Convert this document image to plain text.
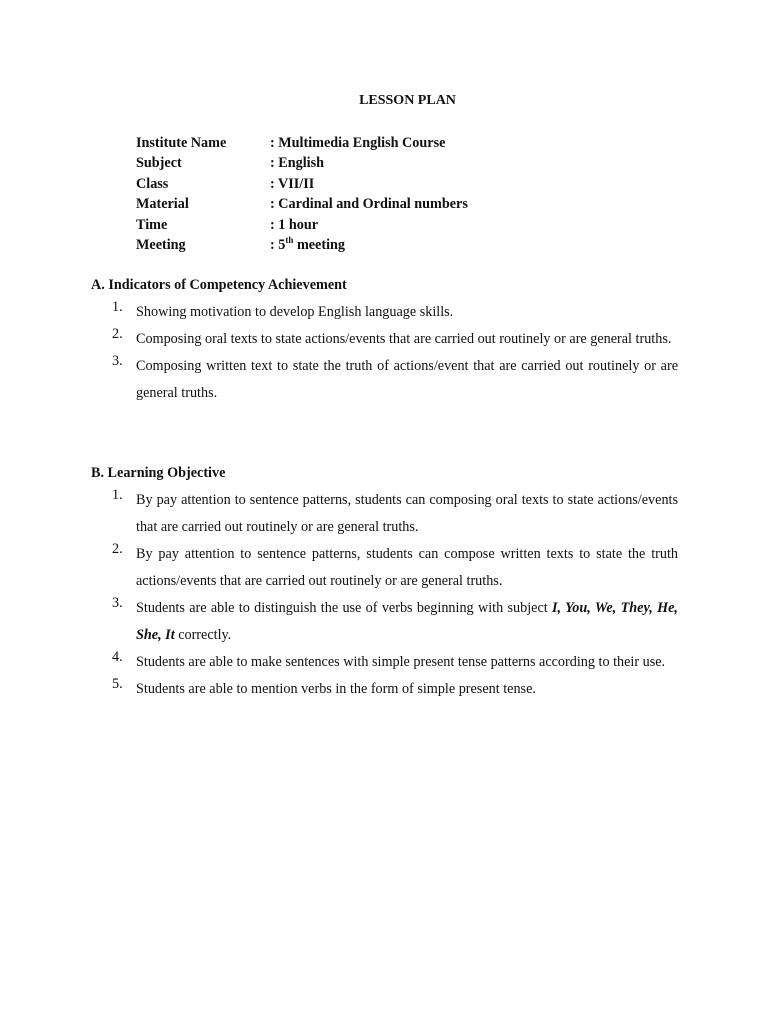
LESSON PLAN
Institute Name	: Multimedia English Course
Subject	: English
Class	: VII/II
Material	: Cardinal and Ordinal numbers
Time	: 1 hour
Meeting	: 5th meeting
A. Indicators of Competency Achievement
1. Showing motivation to develop English language skills.
2. Composing oral texts to state actions/events that are carried out routinely or are general truths.
3. Composing written text to state the truth of actions/event that are carried out routinely or are general truths.
B. Learning Objective
1. By pay attention to sentence patterns, students can composing oral texts to state actions/events that are carried out routinely or are general truths.
2. By pay attention to sentence patterns, students can compose written texts to state the truth actions/events that are carried out routinely or are general truths.
3. Students are able to distinguish the use of verbs beginning with subject I, You, We, They, He, She, It correctly.
4. Students are able to make sentences with simple present tense patterns according to their use.
5. Students are able to mention verbs in the form of simple present tense.
